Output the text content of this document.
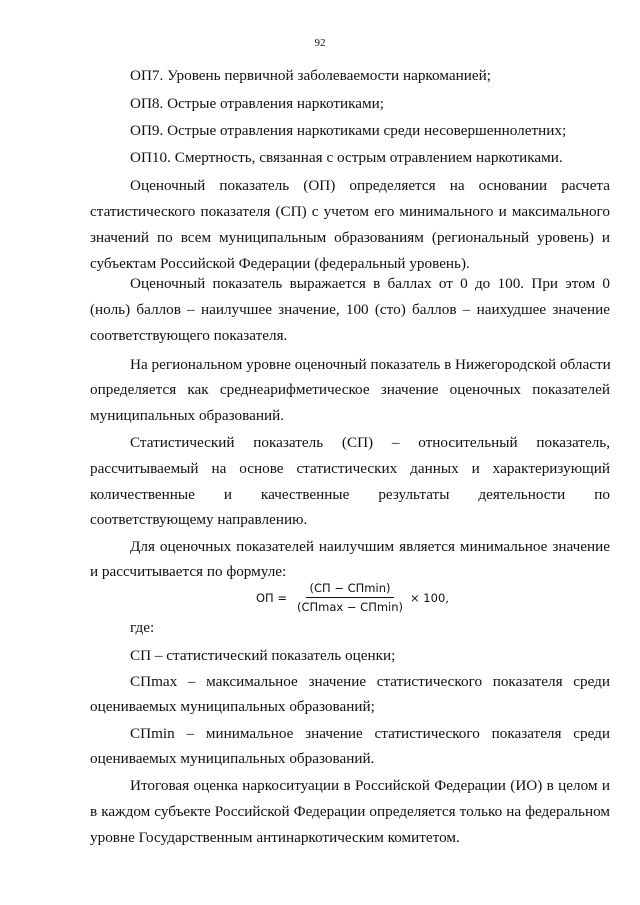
92
ОП7. Уровень первичной заболеваемости наркоманией;
ОП8. Острые отравления наркотиками;
ОП9. Острые отравления наркотиками среди несовершеннолетних;
ОП10. Смертность, связанная с острым отравлением наркотиками.
Оценочный показатель (ОП) определяется на основании расчета
статистического показателя (СП) с учетом его минимального и максимального
значений по всем муниципальным образованиям (региональный уровень) и
субъектам Российской Федерации (федеральный уровень).
Оценочный показатель выражается в баллах от 0 до 100. При этом 0
(ноль) баллов – наилучшее значение, 100 (сто) баллов – наихудшее значение
соответствующего показателя.
На региональном уровне оценочный показатель в Нижегородской области
определяется как среднеарифметическое значение оценочных показателей
муниципальных образований.
Статистический показатель (СП) – относительный показатель,
рассчитываемый на основе статистических данных и характеризующий
количественные и качественные результаты деятельности по
соответствующему направлению.
Для оценочных показателей наилучшим является минимальное значение
и рассчитывается по формуле:
ОП = $\frac{(СП - СП\min)}{(СП\max - СП\min)} \times 100$,
где:
СП – статистический показатель оценки;
СПmax – максимальное значение статистического показателя среди
оцениваемых муниципальных образований;
СПmin – минимальное значение статистического показателя среди
оцениваемых муниципальных образований.
Итоговая оценка наркоситуации в Российской Федерации (ИО) в целом и
в каждом субъекте Российской Федерации определяется только на федеральном
уровне Государственным антинаркотическим комитетом.
